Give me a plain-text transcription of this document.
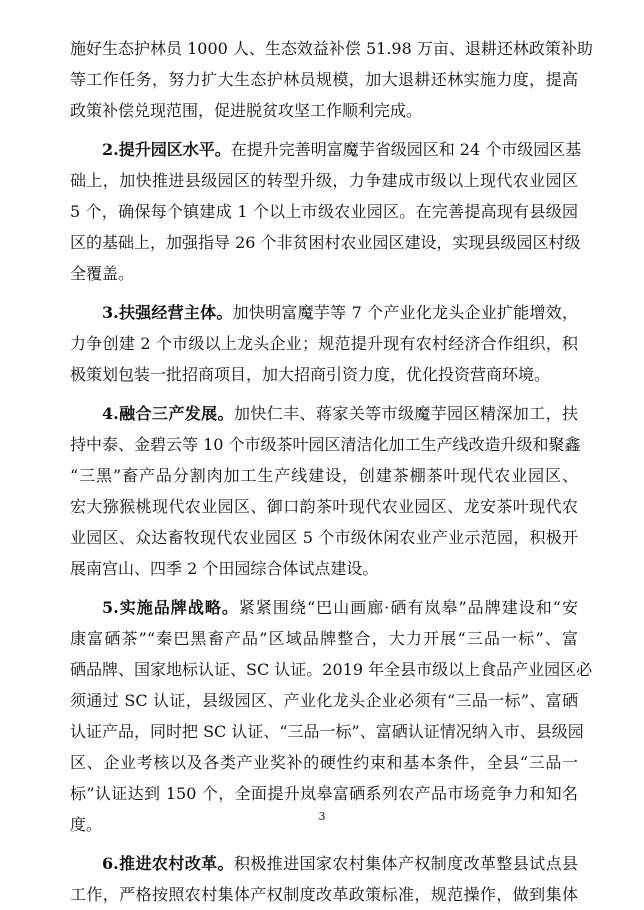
施好生态护林员 1000 人、生态效益补偿 51.98 万亩、退耕还林政策补助
等工作任务，努力扩大生态护林员规模，加大退耕还林实施力度，提高
政策补偿兑现范围，促进脱贫攻坚工作顺利完成。
2.提升园区水平。在提升完善明富魔芋省级园区和 24 个市级园区基
础上，加快推进县级园区的转型升级，力争建成市级以上现代农业园区
5 个，确保每个镇建成 1 个以上市级农业园区。在完善提高现有县级园
区的基础上，加强指导 26 个非贫困村农业园区建设，实现县级园区村级
全覆盖。
3.扶强经营主体。加快明富魔芋等 7 个产业化龙头企业扩能增效，
力争创建 2 个市级以上龙头企业；规范提升现有农村经济合作组织，积
极策划包装一批招商项目，加大招商引资力度，优化投资营商环境。
4.融合三产发展。加快仁丰、蒋家关等市级魔芋园区精深加工，扶
持中泰、金碧云等 10 个市级茶叶园区清洁化加工生产线改造升级和聚鑫
“三黑”畜产品分割肉加工生产线建设，创建茶棚茶叶现代农业园区、
宏大猕猴桃现代农业园区、御口韵茶叶现代农业园区、龙安茶叶现代农
业园区、众达畜牧现代农业园区 5 个市级休闲农业产业示范园，积极开
展南宫山、四季 2 个田园综合体试点建设。
5.实施品牌战略。紧紧围绕“巴山画廊·硒有岚皋”品牌建设和“安
康富硒茶”“秦巴黑畜产品”区域品牌整合，大力开展“三品一标”、富
硒品牌、国家地标认证、SC 认证。2019 年全县市级以上食品产业园区必
须通过 SC 认证，县级园区、产业化龙头企业必须有“三品一标”、富硒
认证产品，同时把 SC 认证、“三品一标”、富硒认证情况纳入市、县级园
区、企业考核以及各类产业奖补的硬性约束和基本条件，全县“三品一
标”认证达到 150 个，全面提升岚皋富硒系列农产品市场竞争力和知名
度。
6.推进农村改革。积极推进国家农村集体产权制度改革整县试点县
工作，严格按照农村集体产权制度改革政策标准，规范操作，做到集体
3
